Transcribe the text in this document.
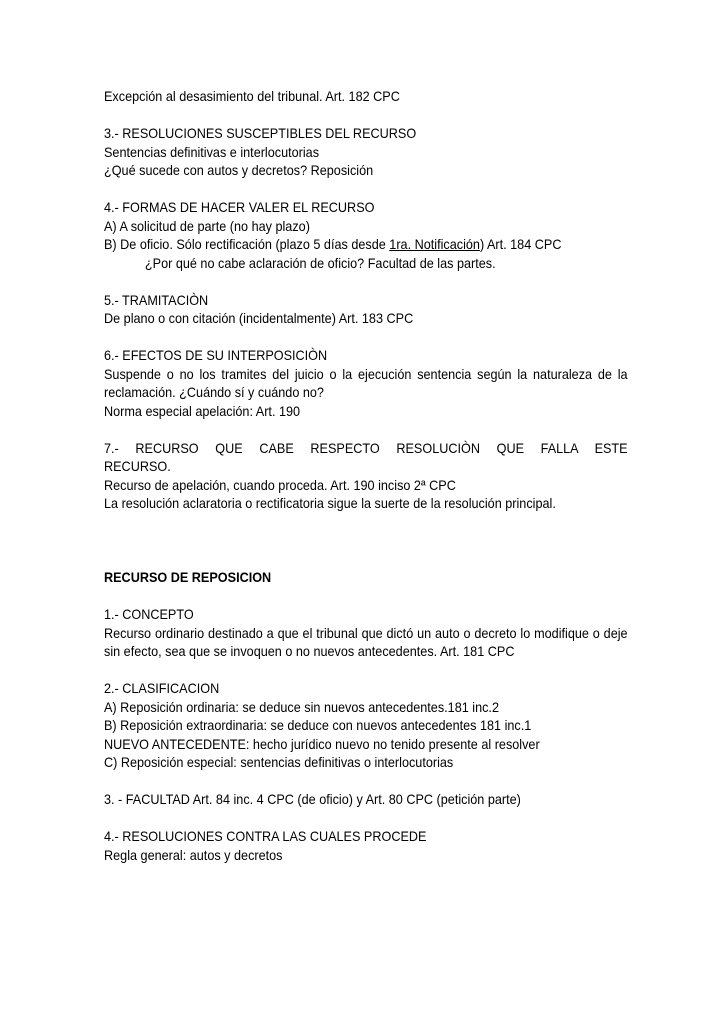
Excepción al desasimiento del tribunal. Art. 182 CPC

3.- RESOLUCIONES SUSCEPTIBLES DEL RECURSO

Sentencias definitivas e interlocutorias

¿Qué sucede con autos y decretos? Reposición

4.- FORMAS DE HACER VALER EL RECURSO

A) A solicitud de parte (no hay plazo)

B) De oficio. Sólo rectificación (plazo 5 días desde 1ra. Notificación) Art. 184 CPC

¿Por qué no cabe aclaración de oficio? Facultad de las partes.

5.- TRAMITACIÒN

De plano o con citación (incidentalmente) Art. 183 CPC

6.- EFECTOS DE SU INTERPOSICIÒN

Suspende o no los tramites del juicio o la ejecución sentencia según la naturaleza de la reclamación. ¿Cuándo sí y cuándo no?

Norma especial apelación: Art. 190

7.- RECURSO QUE CABE RESPECTO RESOLUCIÒN QUE FALLA ESTE

RECURSO.

Recurso de apelación, cuando proceda. Art. 190 inciso 2ª CPC

La resolución aclaratoria o rectificatoria sigue la suerte de la resolución principal.

RECURSO DE REPOSICION

1.- CONCEPTO

Recurso ordinario destinado a que el tribunal que dictó un auto o decreto lo modifique o deje sin efecto, sea que se invoquen o no nuevos antecedentes. Art. 181 CPC

2.- CLASIFICACION

A) Reposición ordinaria: se deduce sin nuevos antecedentes.181 inc.2

B) Reposición extraordinaria: se deduce con nuevos antecedentes 181 inc.1

NUEVO ANTECEDENTE: hecho jurídico nuevo no tenido presente al resolver

C) Reposición especial: sentencias definitivas o interlocutorias

3. - FACULTAD Art. 84 inc. 4 CPC (de oficio) y Art. 80 CPC (petición parte)

4.- RESOLUCIONES CONTRA LAS CUALES PROCEDE

Regla general: autos y decretos
